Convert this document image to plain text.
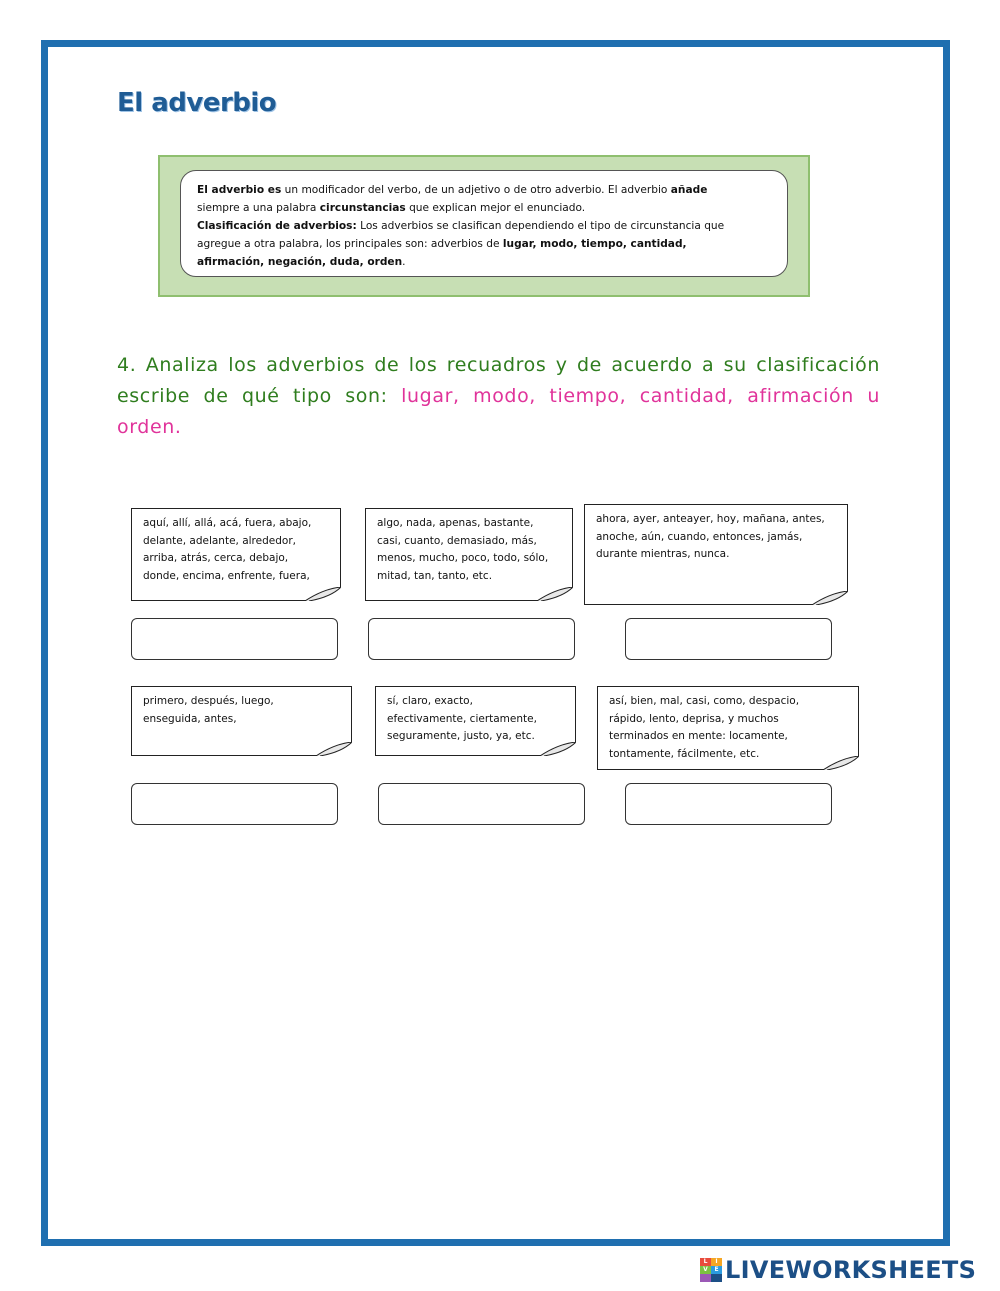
El adverbio

El adverbio es un modificador del verbo, de un adjetivo o de otro adverbio. El adverbio añade

siempre a una palabra circunstancias que explican mejor el enunciado.

Clasificación de adverbios: Los adverbios se clasifican dependiendo el tipo de circunstancia que

agregue a otra palabra, los principales son: adverbios de lugar, modo, tiempo, cantidad,

afirmación, negación, duda, orden.

4. Analiza los adverbios de los recuadros y de acuerdo a su clasificación escribe de qué tipo son: lugar, modo, tiempo, cantidad, afirmación u orden.

aquí, allí, allá, acá, fuera, abajo,
delante, adelante, alrededor,
arriba, atrás, cerca, debajo,
donde, encima, enfrente, fuera,
algo, nada, apenas, bastante,
casi, cuanto, demasiado, más,
menos, mucho, poco, todo, sólo,
mitad, tan, tanto, etc.
ahora, ayer, anteayer, hoy, mañana, antes,
anoche, aún, cuando, entonces, jamás,
durante mientras, nunca.
primero, después, luego,
enseguida, antes,
sí, claro, exacto,
efectivamente, ciertamente,
seguramente, justo, ya, etc.
así, bien, mal, casi, como, despacio,
rápido, lento, deprisa, y muchos
terminados en mente: locamente,
tontamente, fácilmente, etc.
L	I
V	E LIVEWORKSHEETS
